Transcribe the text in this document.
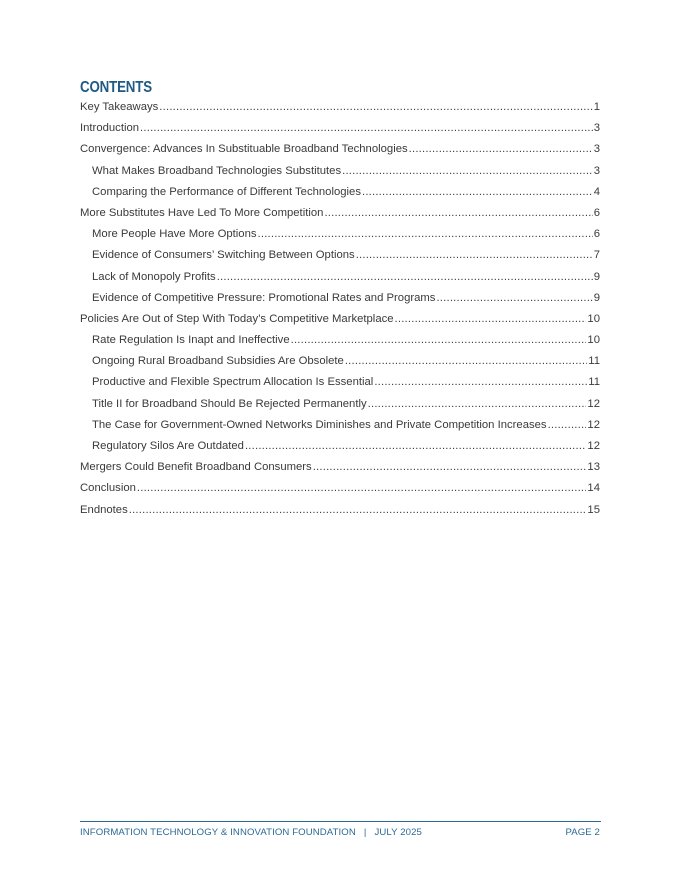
CONTENTS
Key Takeaways .....	1
Introduction .....	3
Convergence: Advances In Substituable Broadband Technologies .....	3
What Makes Broadband Technologies Substitutes .....	3
Comparing the Performance of Different Technologies .....	4
More Substitutes Have Led To More Competition .....	6
More People Have More Options .....	6
Evidence of Consumers’ Switching Between Options .....	7
Lack of Monopoly Profits .....	9
Evidence of Competitive Pressure: Promotional Rates and Programs .....	9
Policies Are Out of Step With Today’s Competitive Marketplace .....	10
Rate Regulation Is Inapt and Ineffective .....	10
Ongoing Rural Broadband Subsidies Are Obsolete .....	11
Productive and Flexible Spectrum Allocation Is Essential .....	11
Title II for Broadband Should Be Rejected Permanently .....	12
The Case for Government-Owned Networks Diminishes and Private Competition Increases .....	12
Regulatory Silos Are Outdated .....	12
Mergers Could Benefit Broadband Consumers .....	13
Conclusion .....	14
Endnotes .....	15
INFORMATION TECHNOLOGY & INNOVATION FOUNDATION | JULY 2025	PAGE 2
